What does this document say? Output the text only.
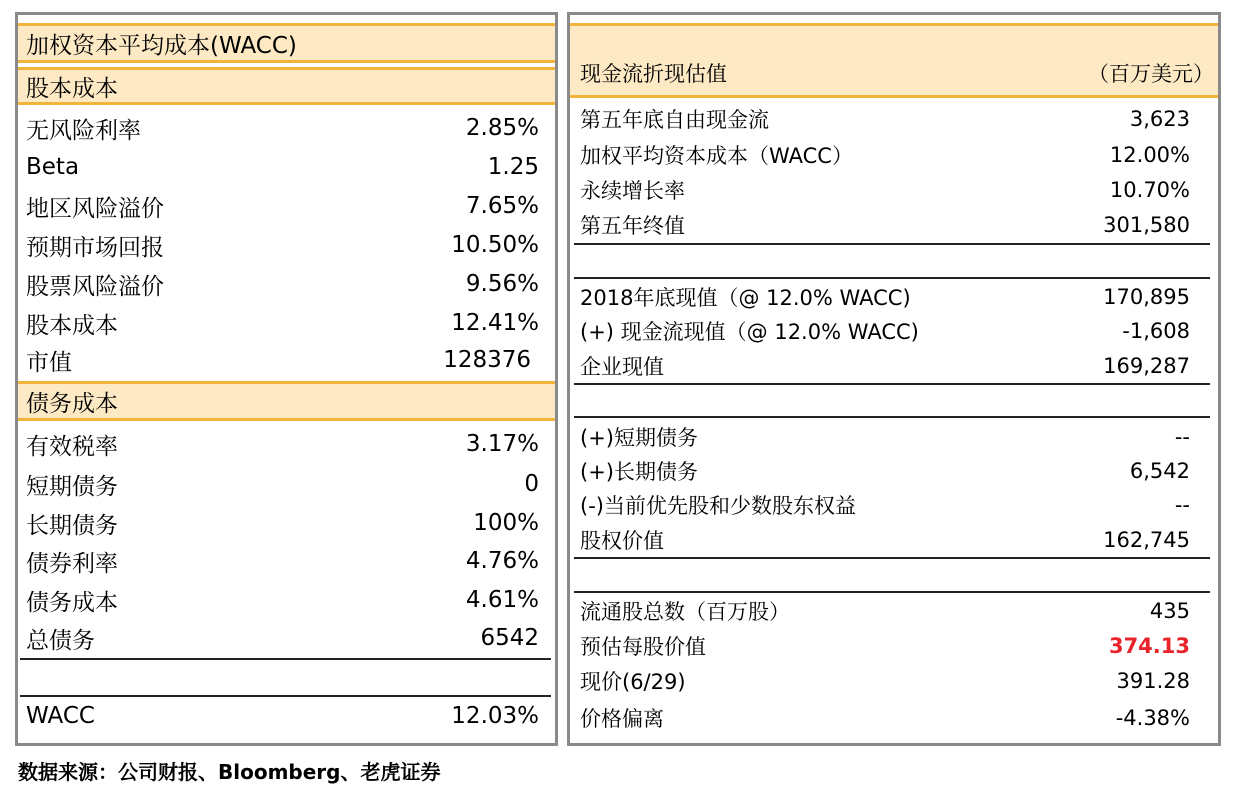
加权资本平均成本(WACC)
股本成本
无风险利率	2.85%
Beta	1.25
地区风险溢价	7.65%
预期市场回报	10.50%
股票风险溢价	9.56%
股本成本	12.41%
市值	128376
债务成本
有效税率	3.17%
短期债务	0
长期债务	100%
债券利率	4.76%
债务成本	4.61%
总债务	6542
WACC	12.03%
现金流折现估值	（百万美元）
第五年底自由现金流	3,623
加权平均资本成本（WACC）	12.00%
永续增长率	10.70%
第五年终值	301,580
2018年底现值（@ 12.0% WACC)	170,895
(+) 现金流现值（@ 12.0% WACC)	-1,608
企业现值	169,287
(+)短期债务	--
(+)长期债务	6,542
(-)当前优先股和少数股东权益	--
股权价值	162,745
流通股总数（百万股）	435
预估每股价值	374.13
现价(6/29)	391.28
价格偏离	-4.38%
数据来源：公司财报、Bloomberg、老虎证券
